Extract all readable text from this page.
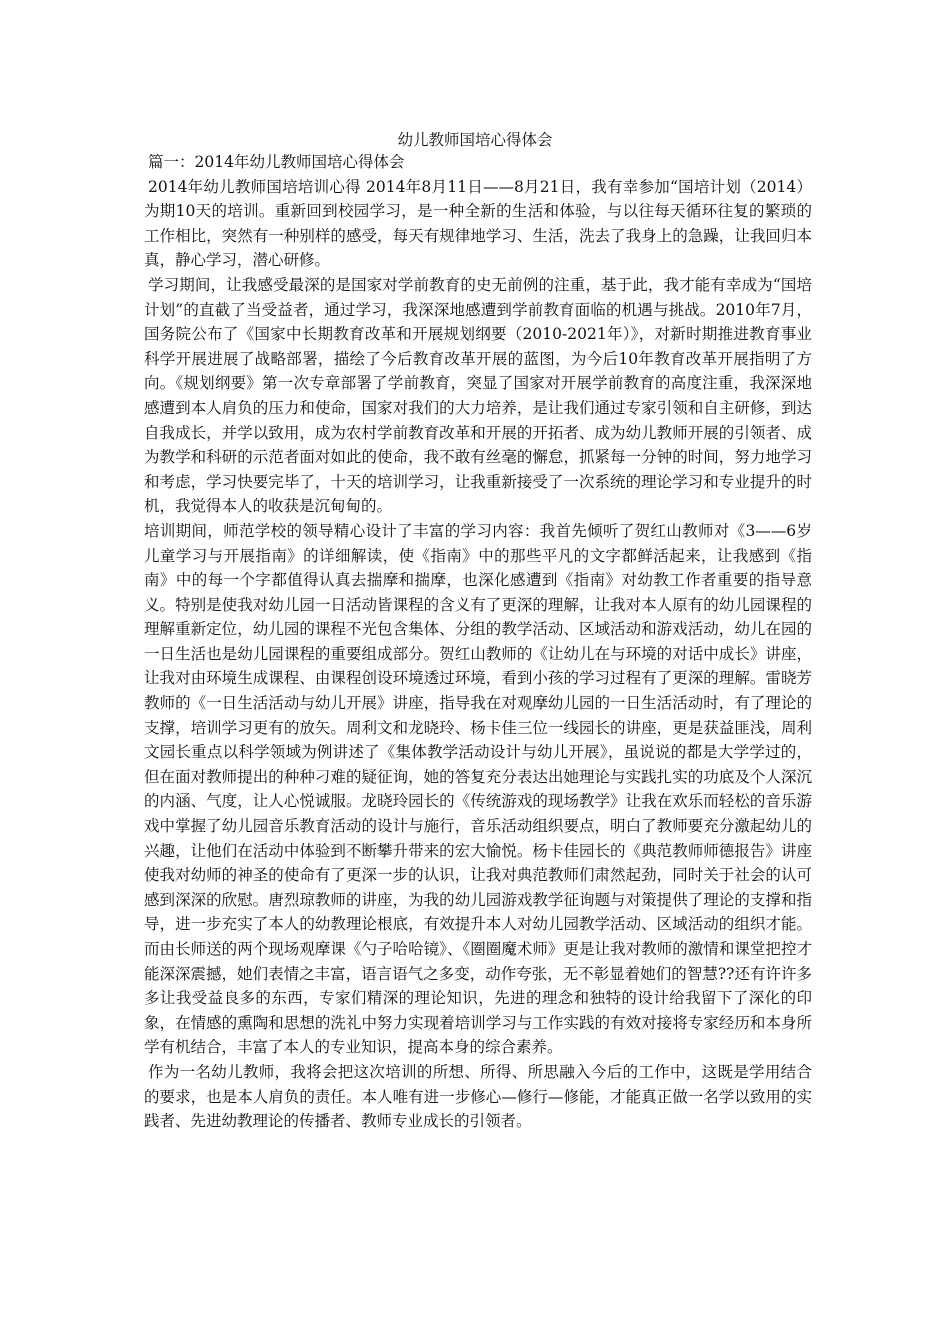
幼儿教师国培心得体会

篇一：2014年幼儿教师国培心得体会

2014年幼儿教师国培培训心得 2014年8月11日——8月21日，我有幸参加“国培计划（2014）为期10天的培训。重新回到校园学习，是一种全新的生活和体验，与以往每天循环往复的繁琐的工作相比，突然有一种别样的感受，每天有规律地学习、生活，洗去了我身上的急躁，让我回归本真，静心学习，潜心研修。

学习期间，让我感受最深的是国家对学前教育的史无前例的注重，基于此，我才能有幸成为“国培计划”的直截了当受益者，通过学习，我深深地感遭到学前教育面临的机遇与挑战。2010年7月，国务院公布了《国家中长期教育改革和开展规划纲要（2010-2021年）》，对新时期推进教育事业科学开展进展了战略部署，描绘了今后教育改革开展的蓝图，为今后10年教育改革开展指明了方向。《规划纲要》第一次专章部署了学前教育，突显了国家对开展学前教育的高度注重，我深深地感遭到本人肩负的压力和使命，国家对我们的大力培养，是让我们通过专家引领和自主研修，到达自我成长，并学以致用，成为农村学前教育改革和开展的开拓者、成为幼儿教师开展的引领者、成为教学和科研的示范者面对如此的使命，我不敢有丝毫的懈怠，抓紧每一分钟的时间，努力地学习和考虑，学习快要完毕了，十天的培训学习，让我重新接受了一次系统的理论学习和专业提升的时机，我觉得本人的收获是沉甸甸的。

培训期间，师范学校的领导精心设计了丰富的学习内容：我首先倾听了贺红山教师对《3——6岁儿童学习与开展指南》的详细解读，使《指南》中的那些平凡的文字都鲜活起来，让我感到《指南》中的每一个字都值得认真去揣摩和揣摩，也深化感遭到《指南》对幼教工作者重要的指导意义。特别是使我对幼儿园一日活动皆课程的含义有了更深的理解，让我对本人原有的幼儿园课程的理解重新定位，幼儿园的课程不光包含集体、分组的教学活动、区域活动和游戏活动，幼儿在园的一日生活也是幼儿园课程的重要组成部分。贺红山教师的《让幼儿在与环境的对话中成长》讲座，让我对由环境生成课程、由课程创设环境透过环境，看到小孩的学习过程有了更深的理解。雷晓芳教师的《一日生活活动与幼儿开展》讲座，指导我在对观摩幼儿园的一日生活活动时，有了理论的支撑，培训学习更有的放矢。周利文和龙晓玲、杨卡佳三位一线园长的讲座，更是获益匪浅，周利文园长重点以科学领域为例讲述了《集体教学活动设计与幼儿开展》，虽说说的都是大学学过的，但在面对教师提出的种种刁难的疑征询，她的答复充分表达出她理论与实践扎实的功底及个人深沉的内涵、气度，让人心悦诚服。龙晓玲园长的《传统游戏的现场教学》让我在欢乐而轻松的音乐游戏中掌握了幼儿园音乐教育活动的设计与施行，音乐活动组织要点，明白了教师要充分激起幼儿的兴趣，让他们在活动中体验到不断攀升带来的宏大愉悦。杨卡佳园长的《典范教师师德报告》讲座使我对幼师的神圣的使命有了更深一步的认识，让我对典范教师们肃然起劲，同时关于社会的认可感到深深的欣慰。唐烈琼教师的讲座，为我的幼儿园游戏教学征询题与对策提供了理论的支撑和指导，进一步充实了本人的幼教理论根底，有效提升本人对幼儿园教学活动、区域活动的组织才能。而由长师送的两个现场观摩课《勺子哈哈镜》、《圈圈魔术师》更是让我对教师的激情和课堂把控才能深深震撼，她们表情之丰富，语言语气之多变，动作夸张，无不彰显着她们的智慧??还有许许多多让我受益良多的东西，专家们精深的理论知识，先进的理念和独特的设计给我留下了深化的印象，在情感的熏陶和思想的洗礼中努力实现着培训学习与工作实践的有效对接将专家经历和本身所学有机结合，丰富了本人的专业知识，提高本身的综合素养。

作为一名幼儿教师，我将会把这次培训的所想、所得、所思融入今后的工作中，这既是学用结合的要求，也是本人肩负的责任。本人唯有进一步修心—修行—修能，才能真正做一名学以致用的实践者、先进幼教理论的传播者、教师专业成长的引领者。
